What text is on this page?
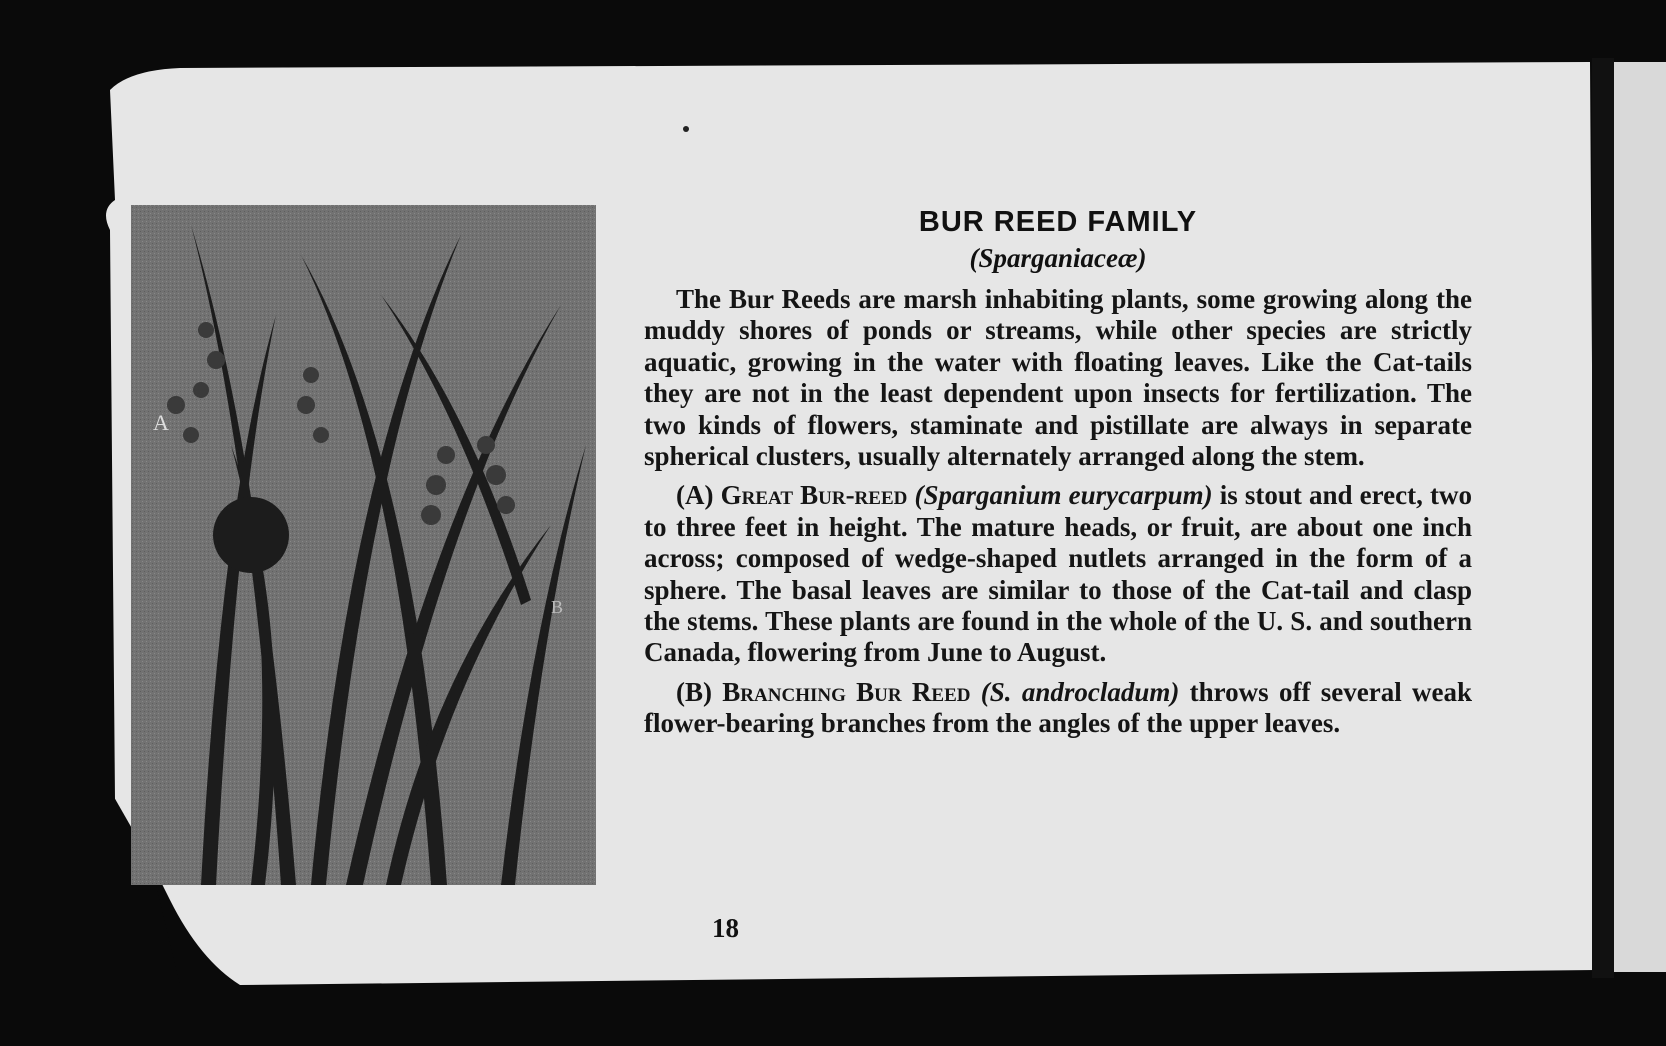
A
B
BUR REED FAMILY
(Sparganiaceæ)

The Bur Reeds are marsh inhabiting plants, some growing along the muddy shores of ponds or streams, while other species are strictly aquatic, growing in the water with floating leaves. Like the Cat-tails they are not in the least dependent upon insects for fertilization. The two kinds of flowers, staminate and pistillate are always in separate spherical clusters, usually alternately arranged along the stem.

(A) Great Bur-reed (Sparganium eurycarpum) is stout and erect, two to three feet in height. The mature heads, or fruit, are about one inch across; composed of wedge-shaped nutlets arranged in the form of a sphere. The basal leaves are similar to those of the Cat-tail and clasp the stems. These plants are found in the whole of the U. S. and southern Canada, flowering from June to August.

(B) Branching Bur Reed (S. androcladum) throws off several weak flower-bearing branches from the angles of the upper leaves.

18
